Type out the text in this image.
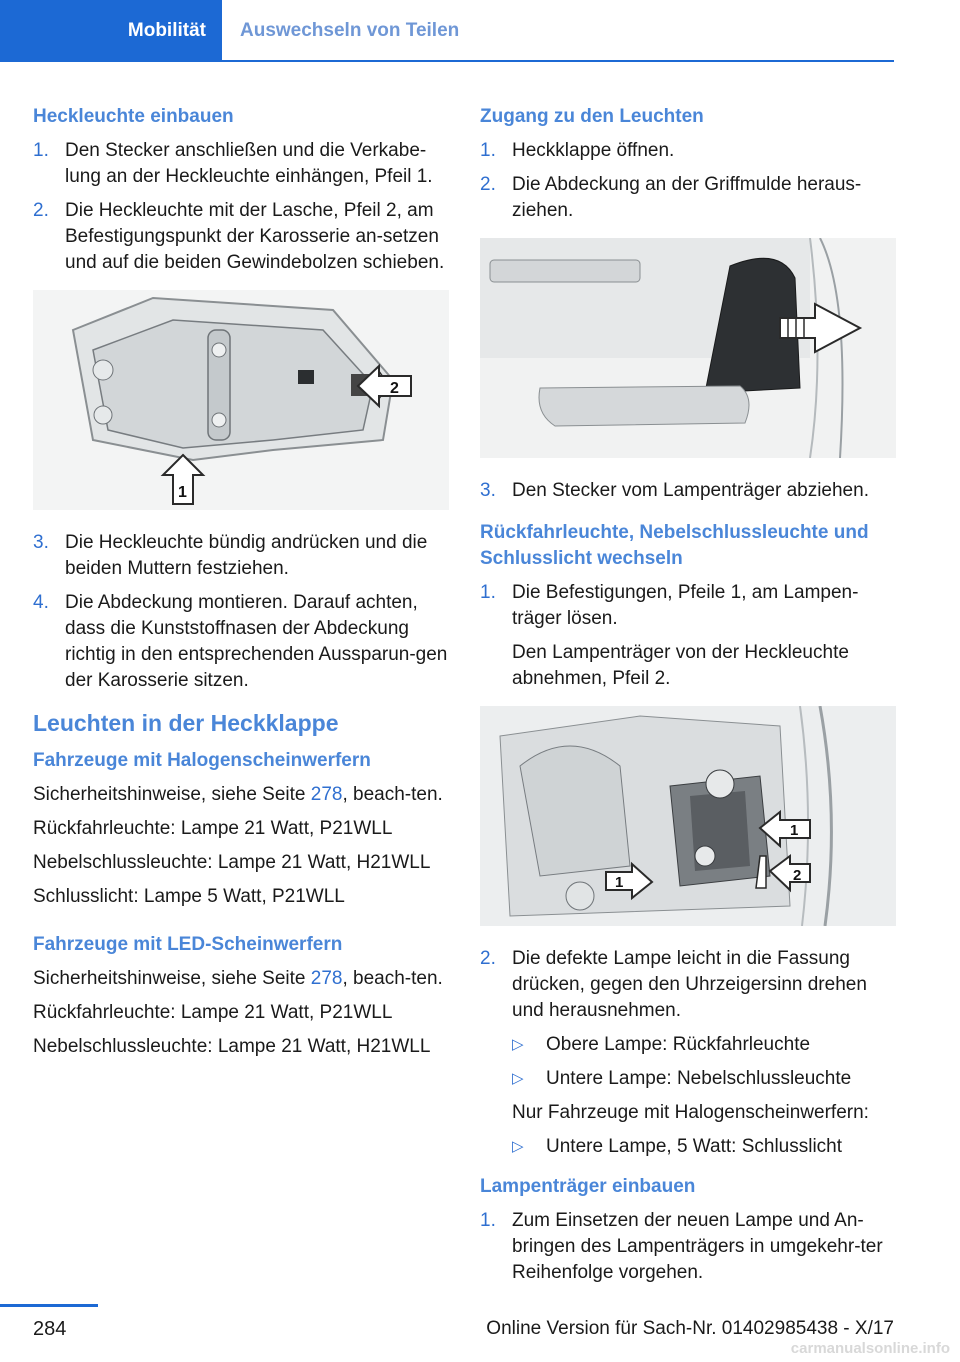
Mobilität	Auswechseln von Teilen
Heckleuchte einbauen
1. Den Stecker anschließen und die Verkabe-lung an der Heckleuchte einhängen, Pfeil 1.
2. Die Heckleuchte mit der Lasche, Pfeil 2, am Befestigungspunkt der Karosserie an-setzen und auf die beiden Gewindebolzen schieben.
2
1
3. Die Heckleuchte bündig andrücken und die beiden Muttern festziehen.
4. Die Abdeckung montieren. Darauf achten, dass die Kunststoffnasen der Abdeckung richtig in den entsprechenden Aussparun-gen der Karosserie sitzen.
Leuchten in der Heckklappe
Fahrzeuge mit Halogenscheinwerfern

Sicherheitshinweise, siehe Seite 278, beach-ten.

Rückfahrleuchte: Lampe 21 Watt, P21WLL

Nebelschlussleuchte: Lampe 21 Watt, H21WLL

Schlusslicht: Lampe 5 Watt, P21WLL

Fahrzeuge mit LED-Scheinwerfern

Sicherheitshinweise, siehe Seite 278, beach-ten.

Rückfahrleuchte: Lampe 21 Watt, P21WLL

Nebelschlussleuchte: Lampe 21 Watt, H21WLL

Zugang zu den Leuchten
1. Heckklappe öffnen.
2. Die Abdeckung an der Griffmulde heraus-ziehen.
3. Den Stecker vom Lampenträger abziehen.
Rückfahrleuchte, Nebelschlussleuchte und Schlusslicht wechseln
1. Die Befestigungen, Pfeile 1, am Lampen-träger lösen.
Den Lampenträger von der Heckleuchte abnehmen, Pfeil 2.
1
1	2
2. Die defekte Lampe leicht in die Fassung drücken, gegen den Uhrzeigersinn drehen und herausnehmen.
▷ Obere Lampe: Rückfahrleuchte
▷ Untere Lampe: Nebelschlussleuchte
Nur Fahrzeuge mit Halogenscheinwerfern:
▷ Untere Lampe, 5 Watt: Schlusslicht
Lampenträger einbauen
1. Zum Einsetzen der neuen Lampe und An-bringen des Lampenträgers in umgekehr-ter Reihenfolge vorgehen.
284	Online Version für Sach-Nr. 01402985438 - X/17
carmanualsonline.info
